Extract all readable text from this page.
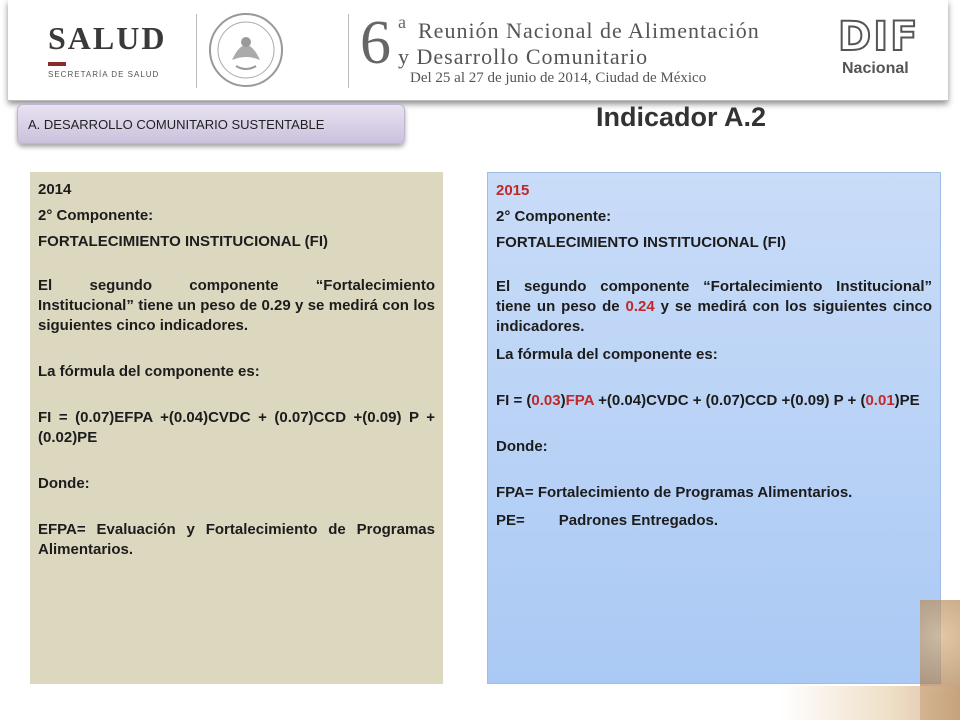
SALUD
SECRETARÍA DE SALUD	6 a Reunión Nacional de Alimentación
y Desarrollo Comunitario
Del 25 al 27 de junio de 2014, Ciudad de México
DIF
Nacional
A. DESARROLLO COMUNITARIO SUSTENTABLE	Indicador A.2

2014

2° Componente:

FORTALECIMIENTO INSTITUCIONAL (FI)

El segundo componente “Fortalecimiento Institucional” tiene un peso de 0.29 y se medirá con los siguientes cinco indicadores.

La fórmula del componente es:

FI = (0.07)EFPA +(0.04)CVDC + (0.07)CCD +(0.09) P + (0.02)PE

Donde:

EFPA= Evaluación y Fortalecimiento de Programas Alimentarios.

2015

2° Componente:

FORTALECIMIENTO INSTITUCIONAL (FI)

El segundo componente “Fortalecimiento Institucional” tiene un peso de 0.24 y se medirá con los siguientes cinco indicadores.

La fórmula del componente es:

FI = (0.03)FPA +(0.04)CVDC + (0.07)CCD +(0.09) P + (0.01)PE

Donde:

FPA= Fortalecimiento de Programas Alimentarios.

PE= Padrones Entregados.
